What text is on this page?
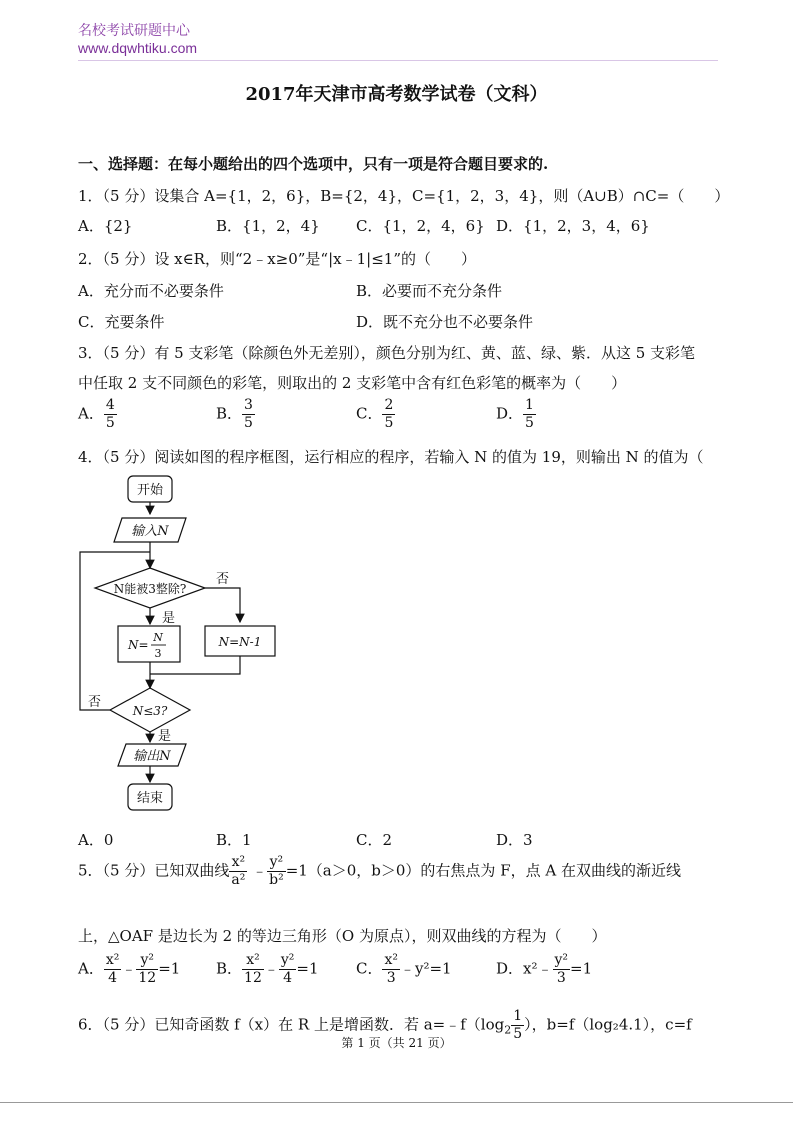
名校考试研题中心
www.dqwhtiku.com
2017年天津市高考数学试卷（文科）
一、选择题：在每小题给出的四个选项中，只有一项是符合题目要求的.
1．（5 分）设集合 A={1，2，6}，B={2，4}，C={1，2，3，4}，则（A∪B）∩C=（　　）
A．{2}	B．{1，2，4} C．{1，2，4，6} D．{1，2，3，4，6}
2．（5 分）设 x∈R，则“2﹣x≥0”是“|x﹣1|≤1”的（　　）
A．充分而不必要条件	B．必要而不充分条件
C．充要条件	D．既不充分也不必要条件
3．（5 分）有 5 支彩笔（除颜色外无差别），颜色分别为红、黄、蓝、绿、紫．从这 5 支彩笔
中任取 2 支不同颜色的彩笔，则取出的 2 支彩笔中含有红色彩笔的概率为（　　）
A． $\frac{4}{5}$	B． $\frac{3}{5}$	C． $\frac{2}{5}$	D． $\frac{1}{5}$
4．（5 分）阅读如图的程序框图，运行相应的程序，若输入 N 的值为 19，则输出 N 的值为（
开始
输入N
N能被3整除?
否
是
N=
N
3
N=N-1
N≤3?
否
是
输出N
结束
A．0	B．1	C．2	D．3
5．（5 分）已知双曲线 $\frac{\text{x²}}{\text{a²}}$ ﹣ $\frac{\text{y²}}{\text{b²}} =1(a>0$，b＞0）的右焦点为 F，点 A 在双曲线的渐近线
上，△OAF 是边长为 2 的等边三角形（O 为原点），则双曲线的方程为（　　）
A． $\frac{\text{x²}}{4}$ ﹣ $\frac{\text{y²}}{12} =1$ B． $\frac{\text{x²}}{12}$ ﹣ $\frac{\text{y²}}{4} =1$ C． $\frac{\text{x²}}{3}$ ﹣y²=1	D．x²﹣ $\frac{\text{y²}}{3} =1$
6．（5 分）已知奇函数 f（x）在 R 上是增函数．若 $a=﹣f(\log_2 \frac{1}{5}$ ），b=f（log₂4.1），c=f
第 1 页（共 21 页）
